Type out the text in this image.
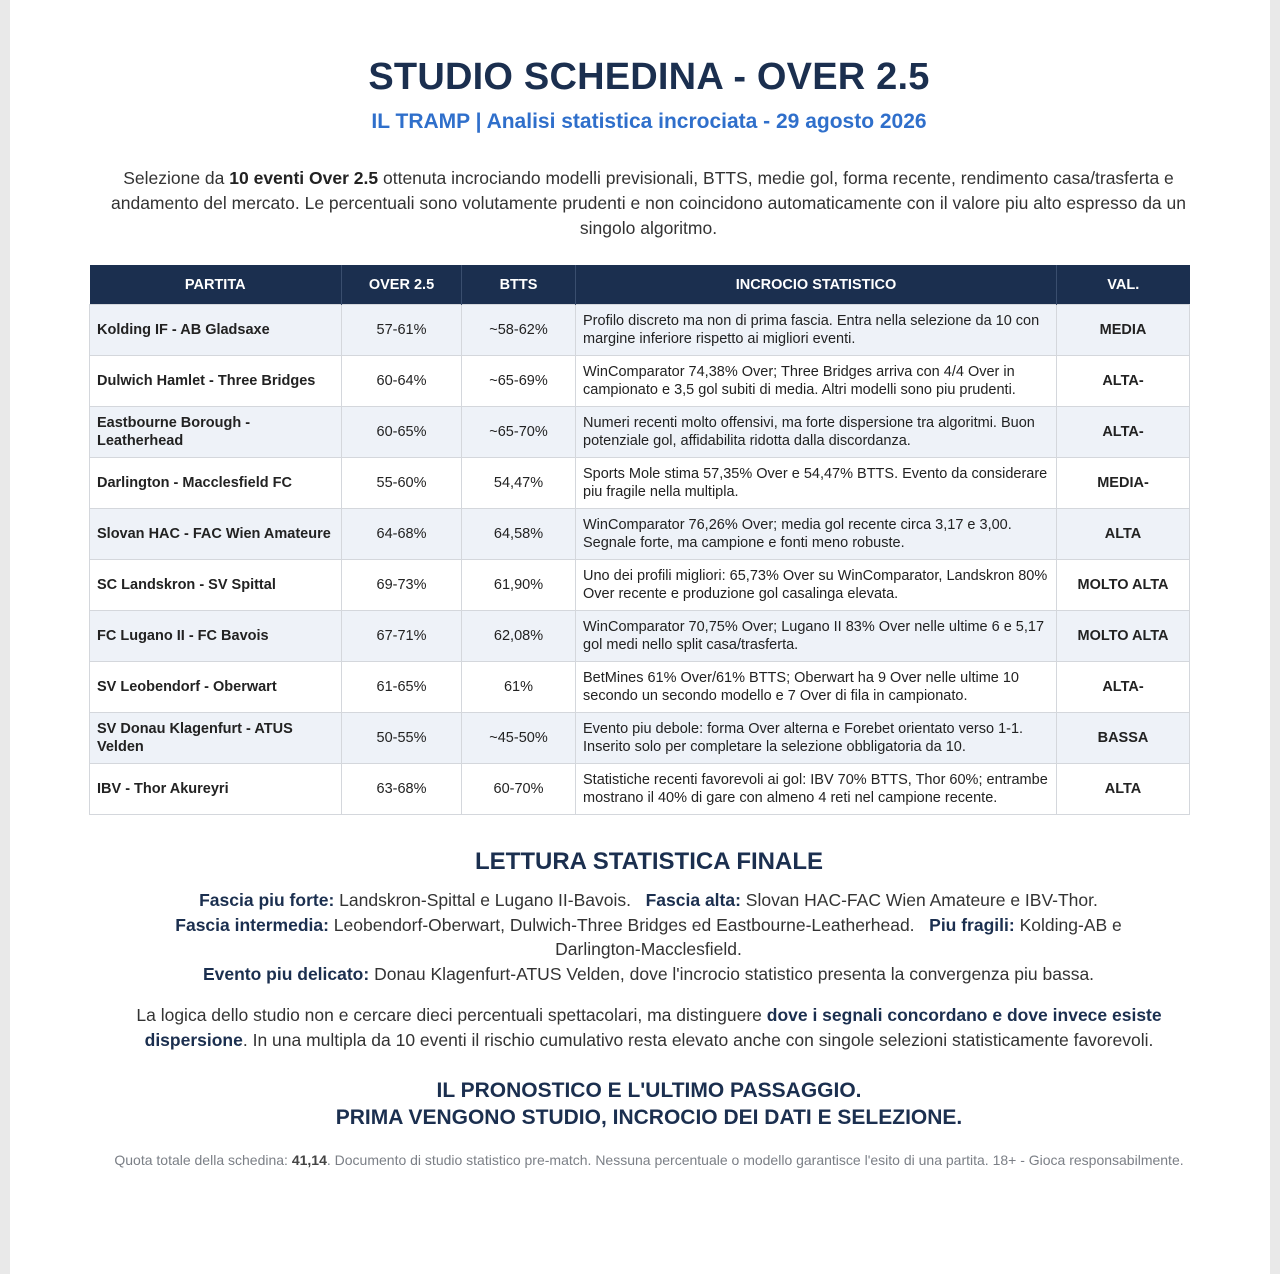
STUDIO SCHEDINA - OVER 2.5
IL TRAMP | Analisi statistica incrociata - 29 agosto 2026
Selezione da 10 eventi Over 2.5 ottenuta incrociando modelli previsionali, BTTS, medie gol, forma recente, rendimento casa/trasferta e andamento del mercato. Le percentuali sono volutamente prudenti e non coincidono automaticamente con il valore piu alto espresso da un singolo algoritmo.
PARTITA	OVER 2.5	BTTS	INCROCIO STATISTICO	VAL.
Kolding IF - AB Gladsaxe	57-61%	~58-62%	Profilo discreto ma non di prima fascia. Entra nella selezione da 10 con margine inferiore rispetto ai migliori eventi.	MEDIA
Dulwich Hamlet - Three Bridges	60-64%	~65-69%	WinComparator 74,38% Over; Three Bridges arriva con 4/4 Over in campionato e 3,5 gol subiti di media. Altri modelli sono piu prudenti.	ALTA-
Eastbourne Borough - Leatherhead	60-65%	~65-70%	Numeri recenti molto offensivi, ma forte dispersione tra algoritmi. Buon potenziale gol, affidabilita ridotta dalla discordanza.	ALTA-
Darlington - Macclesfield FC	55-60%	54,47%	Sports Mole stima 57,35% Over e 54,47% BTTS. Evento da considerare piu fragile nella multipla.	MEDIA-
Slovan HAC - FAC Wien Amateure	64-68%	64,58%	WinComparator 76,26% Over; media gol recente circa 3,17 e 3,00. Segnale forte, ma campione e fonti meno robuste.	ALTA
SC Landskron - SV Spittal	69-73%	61,90%	Uno dei profili migliori: 65,73% Over su WinComparator, Landskron 80% Over recente e produzione gol casalinga elevata.	MOLTO ALTA
FC Lugano II - FC Bavois	67-71%	62,08%	WinComparator 70,75% Over; Lugano II 83% Over nelle ultime 6 e 5,17 gol medi nello split casa/trasferta.	MOLTO ALTA
SV Leobendorf - Oberwart	61-65%	61%	BetMines 61% Over/61% BTTS; Oberwart ha 9 Over nelle ultime 10 secondo un secondo modello e 7 Over di fila in campionato.	ALTA-
SV Donau Klagenfurt - ATUS Velden	50-55%	~45-50%	Evento piu debole: forma Over alterna e Forebet orientato verso 1-1. Inserito solo per completare la selezione obbligatoria da 10.	BASSA
IBV - Thor Akureyri	63-68%	60-70%	Statistiche recenti favorevoli ai gol: IBV 70% BTTS, Thor 60%; entrambe mostrano il 40% di gare con almeno 4 reti nel campione recente.	ALTA
LETTURA STATISTICA FINALE
Fascia piu forte: Landskron-Spittal e Lugano II-Bavois. Fascia alta: Slovan HAC-FAC Wien Amateure e IBV-Thor.
Fascia intermedia: Leobendorf-Oberwart, Dulwich-Three Bridges ed Eastbourne-Leatherhead. Piu fragili: Kolding-AB e Darlington-Macclesfield.
Evento piu delicato: Donau Klagenfurt-ATUS Velden, dove l'incrocio statistico presenta la convergenza piu bassa.
La logica dello studio non e cercare dieci percentuali spettacolari, ma distinguere dove i segnali concordano e dove invece esiste dispersione. In una multipla da 10 eventi il rischio cumulativo resta elevato anche con singole selezioni statisticamente favorevoli.
IL PRONOSTICO E L'ULTIMO PASSAGGIO.
PRIMA VENGONO STUDIO, INCROCIO DEI DATI E SELEZIONE.
Quota totale della schedina: 41,14. Documento di studio statistico pre-match. Nessuna percentuale o modello garantisce l'esito di una partita. 18+ - Gioca responsabilmente.
